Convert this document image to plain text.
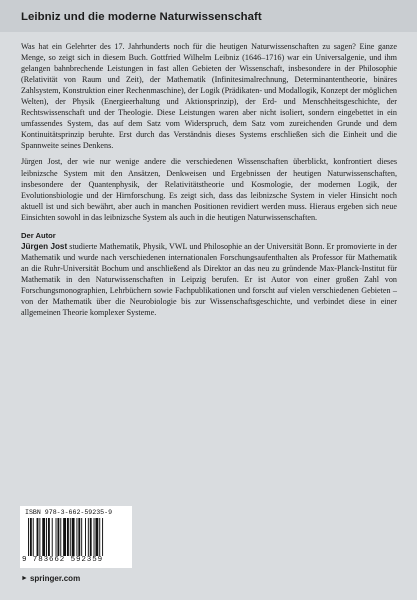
Leibniz und die moderne Naturwissenschaft

Was hat ein Gelehrter des 17. Jahrhunderts noch für die heutigen Naturwissenschaften zu sagen? Eine ganze Menge, so zeigt sich in diesem Buch. Gottfried Wilhelm Leibniz (1646–1716) war ein Universalgenie, und ihm gelangen bahnbrechende Leistungen in fast allen Gebieten der Wissenschaft, insbesondere in der Philosophie (Relativität von Raum und Zeit), der Mathematik (Infinitesimalrechnung, Determinantentheorie, binäres Zahlsystem, Konstruktion einer Rechenmaschine), der Logik (Prädikaten- und Modallogik, Konzept der möglichen Welten), der Physik (Energieerhaltung und Aktionsprinzip), der Erd- und Menschheitsgeschichte, der Rechtswissenschaft und der Theologie. Diese Leistungen waren aber nicht isoliert, sondern eingebettet in ein umfassendes System, das auf dem Satz vom Widerspruch, dem Satz vom zureichenden Grunde und dem Kontinuitätsprinzip beruhte. Erst durch das Verständnis dieses Systems erschließen sich die Einheit und die Spannweite seines Denkens.

Jürgen Jost, der wie nur wenige andere die verschiedenen Wissenschaften überblickt, konfrontiert dieses leibnizsche System mit den Ansätzen, Denkweisen und Ergebnissen der heutigen Naturwissenschaften, insbesondere der Quantenphysik, der Relativitätstheorie und Kosmologie, der modernen Logik, der Evolutionsbiologie und der Hirnforschung. Es zeigt sich, dass das leibnizsche System in vieler Hinsicht noch aktuell ist und sich bewährt, aber auch in manchen Positionen revidiert werden muss. Hieraus ergeben sich neue Einsichten sowohl in das leibnizsche System als auch in die heutigen Naturwissenschaften.

Der Autor

Jürgen Jost studierte Mathematik, Physik, VWL und Philosophie an der Universität Bonn. Er promovierte in der Mathematik und wurde nach verschiedenen internationalen Forschungsaufenthalten als Professor für Mathematik an die Ruhr-Universität Bochum und anschließend als Direktor an das neu zu gründende Max-Planck-Institut für Mathematik in den Naturwissenschaften in Leipzig berufen. Er ist Autor von einer großen Zahl von Forschungsmonographien, Lehrbüchern sowie Fachpublikationen und forscht auf vielen verschiedenen Gebieten – von der Mathematik über die Neurobiologie bis zur Wissenschaftsgeschichte, und verbindet diese in einer allgemeinen Theorie komplexer Systeme.

ISBN 978-3-662-59235-9
9 783662 592359
► springer.com
